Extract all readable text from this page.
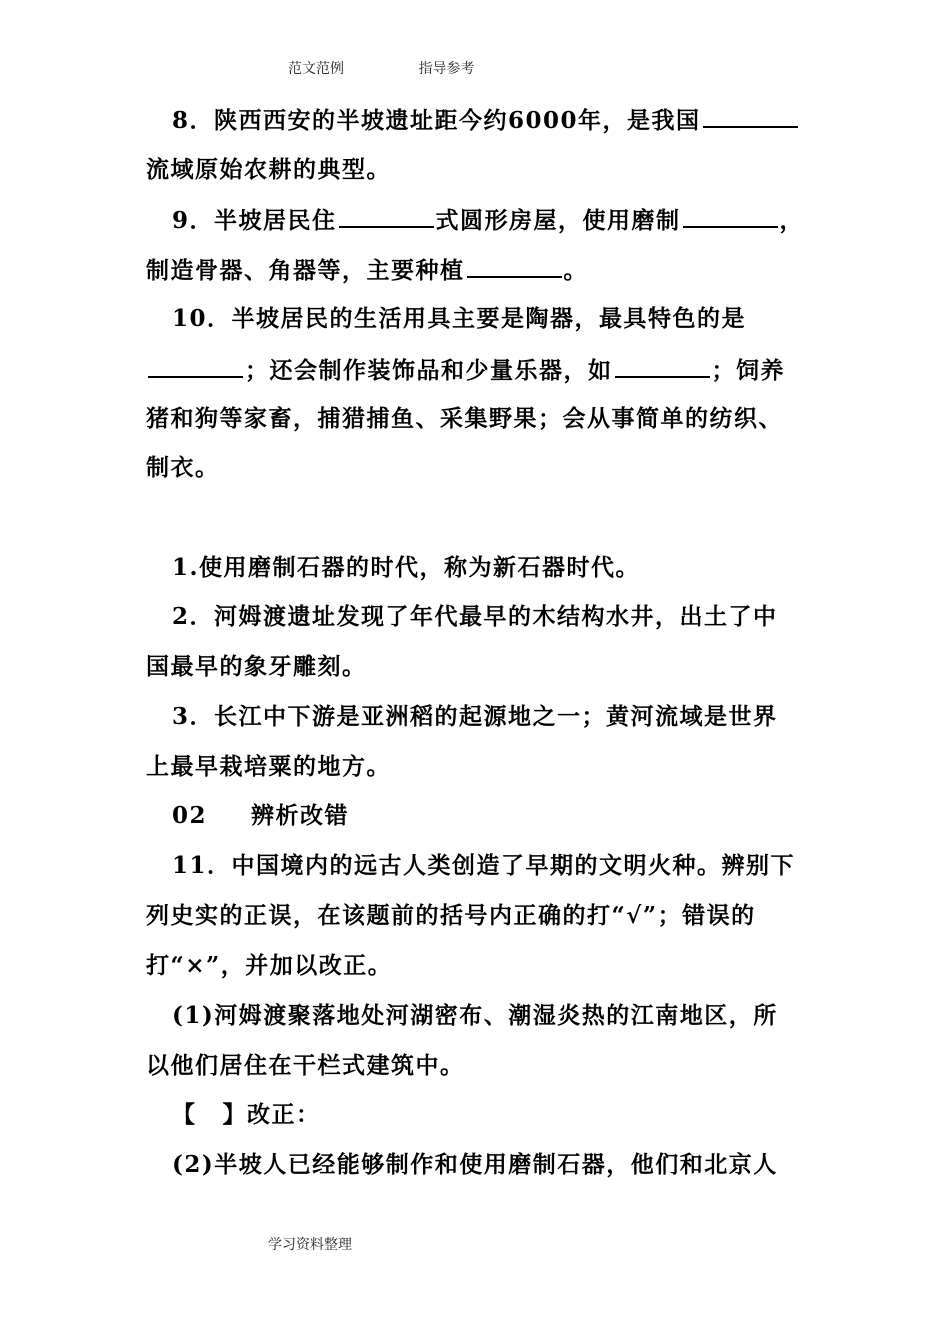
范文范例	指导参考
8．陕西西安的半坡遗址距今约6000年，是我国
流域原始农耕的典型。
9．半坡居民住	式圆形房屋，使用磨制	，
制造骨器、角器等，主要种植	。
10．半坡居民的生活用具主要是陶器，最具特色的是
；还会制作装饰品和少量乐器，如	；饲养
猪和狗等家畜，捕猎捕鱼、采集野果；会从事简单的纺织、
制衣。
1.使用磨制石器的时代，称为新石器时代。
2．河姆渡遗址发现了年代最早的木结构水井，出土了中
国最早的象牙雕刻。
3．长江中下游是亚洲稻的起源地之一；黄河流域是世界
上最早栽培粟的地方。
02 辨析改错
11．中国境内的远古人类创造了早期的文明火种。辨别下
列史实的正误，在该题前的括号内正确的打“√”；错误的
打“×”，并加以改正。
(1)河姆渡聚落地处河湖密布、潮湿炎热的江南地区，所
以他们居住在干栏式建筑中。
【 】改正：
(2)半坡人已经能够制作和使用磨制石器，他们和北京人
学习资料整理
